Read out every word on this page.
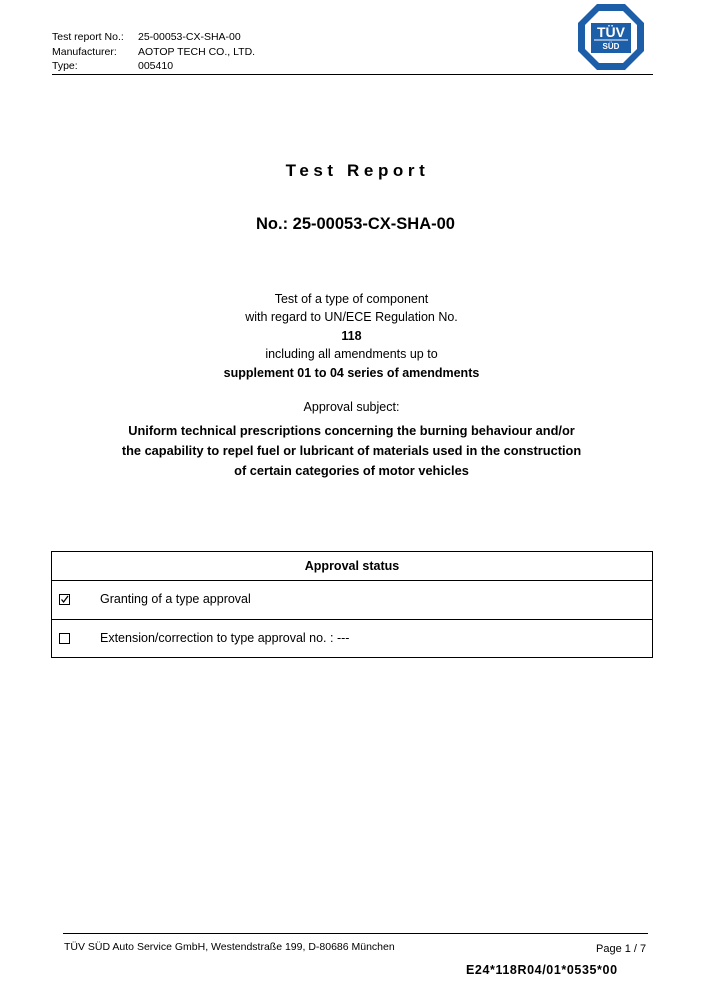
Test report No.:	25-00053-CX-SHA-00
Manufacturer:	AOTOP TECH CO., LTD.
Type:	005410
TÜV
SÜD
Test Report
No.: 25-00053-CX-SHA-00
Test of a type of component
with regard to UN/ECE Regulation No.
118
including all amendments up to
supplement 01 to 04 series of amendments
Approval subject:
Uniform technical prescriptions concerning the burning behaviour and/or
the capability to repel fuel or lubricant of materials used in the construction
of certain categories of motor vehicles
Approval status
Granting of a type approval
Extension/correction to type approval no. : ---
TÜV SÜD Auto Service GmbH, Westendstraße 199, D-80686 München	Page 1 / 7
E24*118R04/01*0535*00
